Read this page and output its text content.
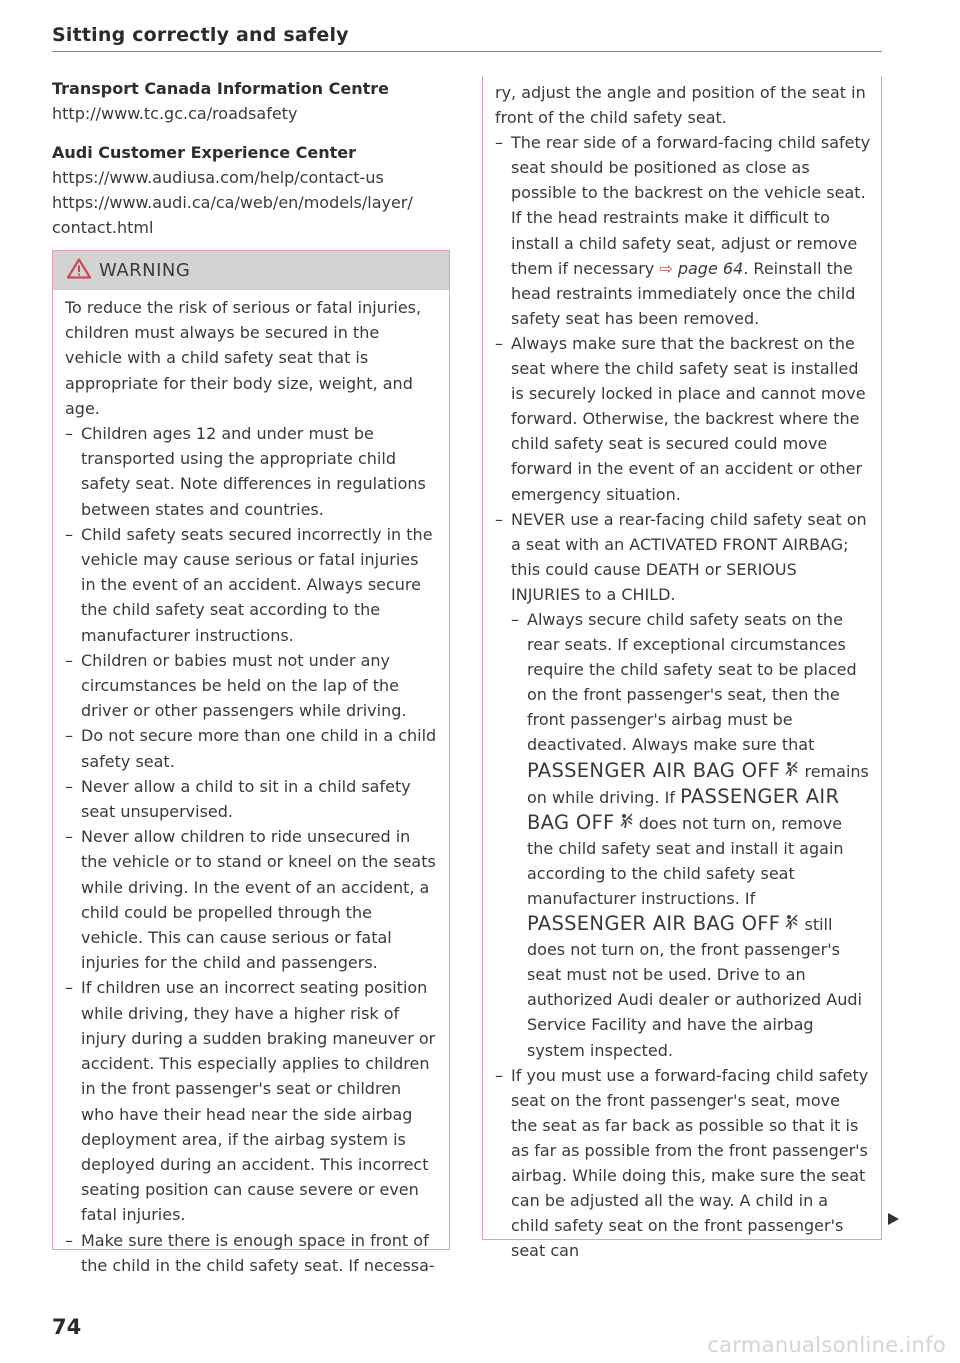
Sitting correctly and safely
Transport Canada Information Centre
http://www.tc.gc.ca/roadsafety
Audi Customer Experience Center
https://www.audiusa.com/help/contact-us
https://www.audi.ca/ca/web/en/models/layer/
contact.html
WARNING

To reduce the risk of serious or fatal injuries, children must always be secured in the vehicle with a child safety seat that is appropriate for their body size, weight, and age.

– Children ages 12 and under must be transported using the appropriate child safety seat. Note differences in regulations between states and countries.
– Child safety seats secured incorrectly in the vehicle may cause serious or fatal injuries in the event of an accident. Always secure the child safety seat according to the manufacturer instructions.
– Children or babies must not under any circumstances be held on the lap of the driver or other passengers while driving.
– Do not secure more than one child in a child safety seat.
– Never allow a child to sit in a child safety seat unsupervised.
– Never allow children to ride unsecured in the vehicle or to stand or kneel on the seats while driving. In the event of an accident, a child could be propelled through the vehicle. This can cause serious or fatal injuries for the child and passengers.
– If children use an incorrect seating position while driving, they have a higher risk of injury during a sudden braking maneuver or accident. This especially applies to children in the front passenger's seat or children who have their head near the side airbag deployment area, if the airbag system is deployed during an accident. This incorrect seating position can cause severe or even fatal injuries.
– Make sure there is enough space in front of the child in the child safety seat. If necessa-

ry, adjust the angle and position of the seat in front of the child safety seat.

– The rear side of a forward-facing child safety seat should be positioned as close as possible to the backrest on the vehicle seat. If the head restraints make it difficult to install a child safety seat, adjust or remove them if necessary ⇨ page 64. Reinstall the head restraints immediately once the child safety seat has been removed.
– Always make sure that the backrest on the seat where the child safety seat is installed is securely locked in place and cannot move forward. Otherwise, the backrest where the child safety seat is secured could move forward in the event of an accident or other emergency situation.
– NEVER use a rear-facing child safety seat on a seat with an ACTIVATED FRONT AIRBAG; this could cause DEATH or SERIOUS INJURIES to a CHILD.
– Always secure child safety seats on the rear seats. If exceptional circumstances require the child safety seat to be placed on the front passenger's seat, then the front passenger's airbag must be deactivated. Always make sure that PASSENGER AIR BAG OFF remains on while driving. If PASSENGER AIR BAG OFF does not turn on, remove the child safety seat and install it again according to the child safety seat manufacturer instructions. If PASSENGER AIR BAG OFF still does not turn on, the front passenger's seat must not be used. Drive to an authorized Audi dealer or authorized Audi Service Facility and have the airbag system inspected.
– If you must use a forward-facing child safety seat on the front passenger's seat, move the seat as far back as possible so that it is as far as possible from the front passenger's airbag. While doing this, make sure the seat can be adjusted all the way. A child in a child safety seat on the front passenger's seat can
74
carmanualsonline.info
